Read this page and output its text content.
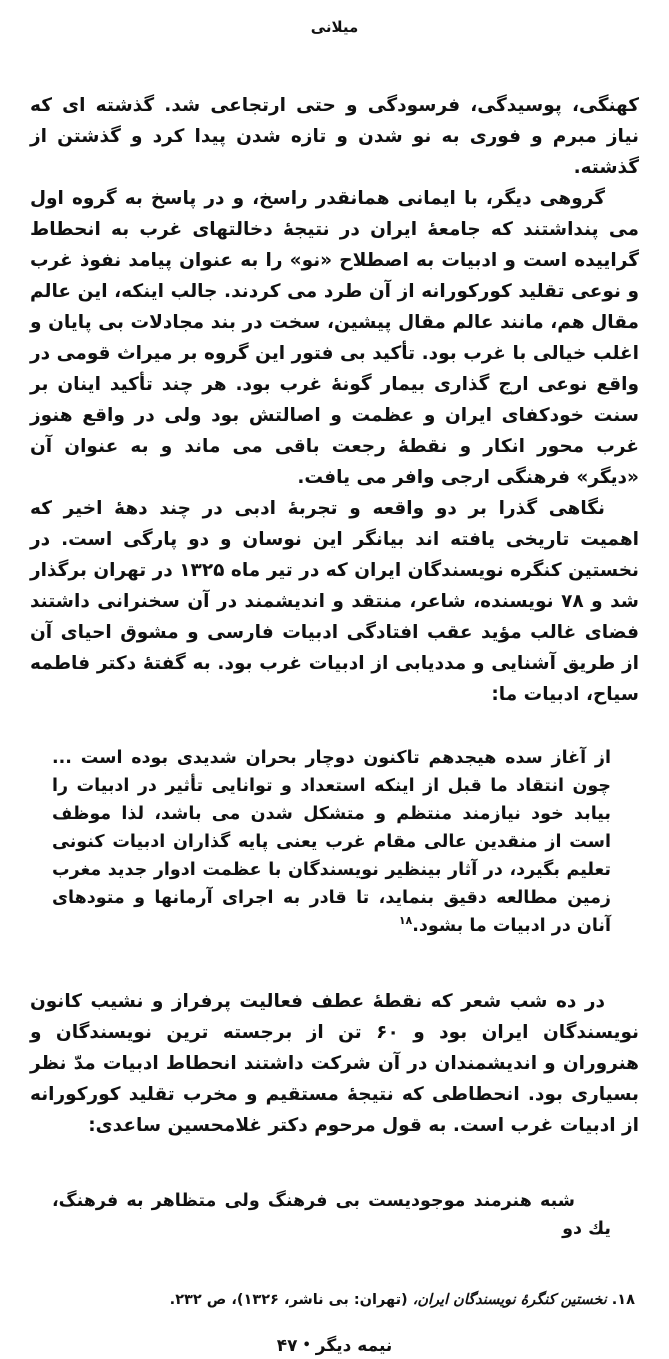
میلانی

کهنگی، پوسیدگی، فرسودگی و حتی ارتجاعی شد. گذشته ای که نیاز مبرم و فوری به نو شدن و تازه شدن پیدا کرد و گذشتن از گذشته.

گروهی دیگر، با ایمانی همانقدر راسخ، و در پاسخ به گروه اول می پنداشتند که جامعهٔ ایران در نتیجهٔ دخالتهای غرب به انحطاط گراییده است و ادبیات به اصطلاح «نو» را به عنوان پیامد نفوذ غرب و نوعی تقلید کورکورانه از آن طرد می کردند. جالب اینکه، این عالم مقال هم، مانند عالم مقال پیشین، سخت در بند مجادلات بی پایان و اغلب خیالی با غرب بود. تأکید بی فتور این گروه بر میراث قومی در واقع نوعی ارج گذاری بیمار گونهٔ غرب بود. هر چند تأکید اینان بر سنت خودکفای ایران و عظمت و اصالتش بود ولی در واقع هنوز غرب محور انکار و نقطهٔ رجعت باقی می ماند و به عنوان آن «دیگر» فرهنگی ارجی وافر می یافت.

نگاهی گذرا بر دو واقعه و تجربهٔ ادبی در چند دههٔ اخیر که اهمیت تاریخی یافته اند بیانگر این نوسان و دو پارگی است. در نخستین کنگره نویسندگان ایران که در تیر ماه ۱۳۲۵ در تهران برگذار شد و ۷۸ نویسنده، شاعر، منتقد و اندیشمند در آن سخنرانی داشتند فضای غالب مؤید عقب افتادگی ادبیات فارسی و مشوق احیای آن از طریق آشنایی و مددیابی از ادبیات غرب بود. به گفتهٔ دکتر فاطمه سیاح، ادبیات ما:

از آغاز سده هیجدهم تاکنون دوچار بحران شدیدی بوده است ... چون انتقاد ما قبل از اینکه استعداد و توانایی تأثیر در ادبیات را بیابد خود نیازمند منتظم و متشکل شدن می باشد، لذا موظف است از منقدین عالی مقام غرب یعنی پایه گذاران ادبیات کنونی تعلیم بگیرد، در آثار بینظیر نویسندگان با عظمت ادوار جدید مغرب زمین مطالعه دقیق بنماید، تا قادر به اجرای آرمانها و متودهای آنان در ادبیات ما بشود.$^{۱۸}$

در ده شب شعر که نقطهٔ عطف فعالیت پرفراز و نشیب کانون نویسندگان ایران بود و ۶۰ تن از برجسته ترین نویسندگان و هنروران و اندیشمندان در آن شرکت داشتند انحطاط ادبیات مدّ نظر بسیاری بود. انحطاطی که نتیجهٔ مستقیم و مخرب تقلید کورکورانه از ادبیات غرب است. به قول مرحوم دکتر غلامحسین ساعدی:

شبه هنرمند موجودیست بی فرهنگ ولی متظاهر به فرهنگ، یك دو
۱۸. نخستین کنگرهٔ نویسندگان ایران، (تهران: بی ناشر، ۱۳۲۶)، ص ۲۳۲.
نیمه دیگر•۴۷
